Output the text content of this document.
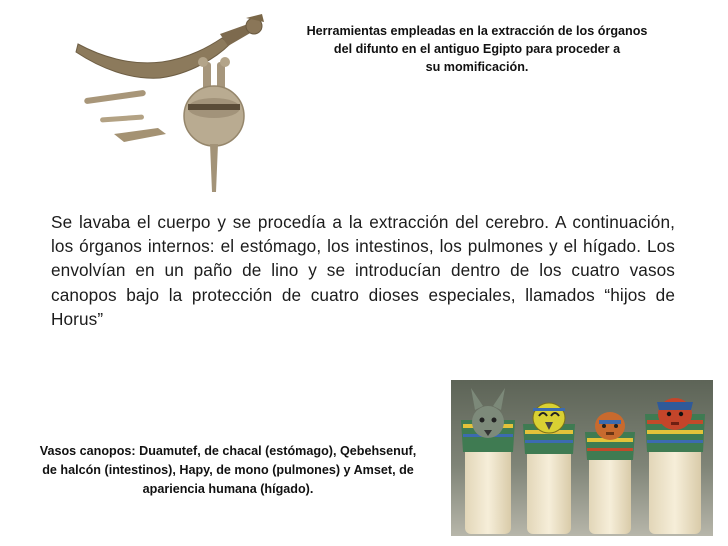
Herramientas empleadas en la extracción de los órganos
del difunto en el antiguo Egipto para proceder a
su momificación.
Se lavaba el cuerpo y se procedía a la extracción del cerebro. A continuación, los órganos internos: el estómago, los intestinos, los pulmones y el hígado. Los envolvían en un paño de lino y se introducían dentro de los cuatro vasos canopos bajo la protección de cuatro dioses especiales, llamados “hijos de Horus”
Vasos canopos: Duamutef, de chacal (estómago), Qebehsenuf,
de halcón (intestinos), Hapy, de mono (pulmones) y Amset, de
apariencia humana (hígado).
